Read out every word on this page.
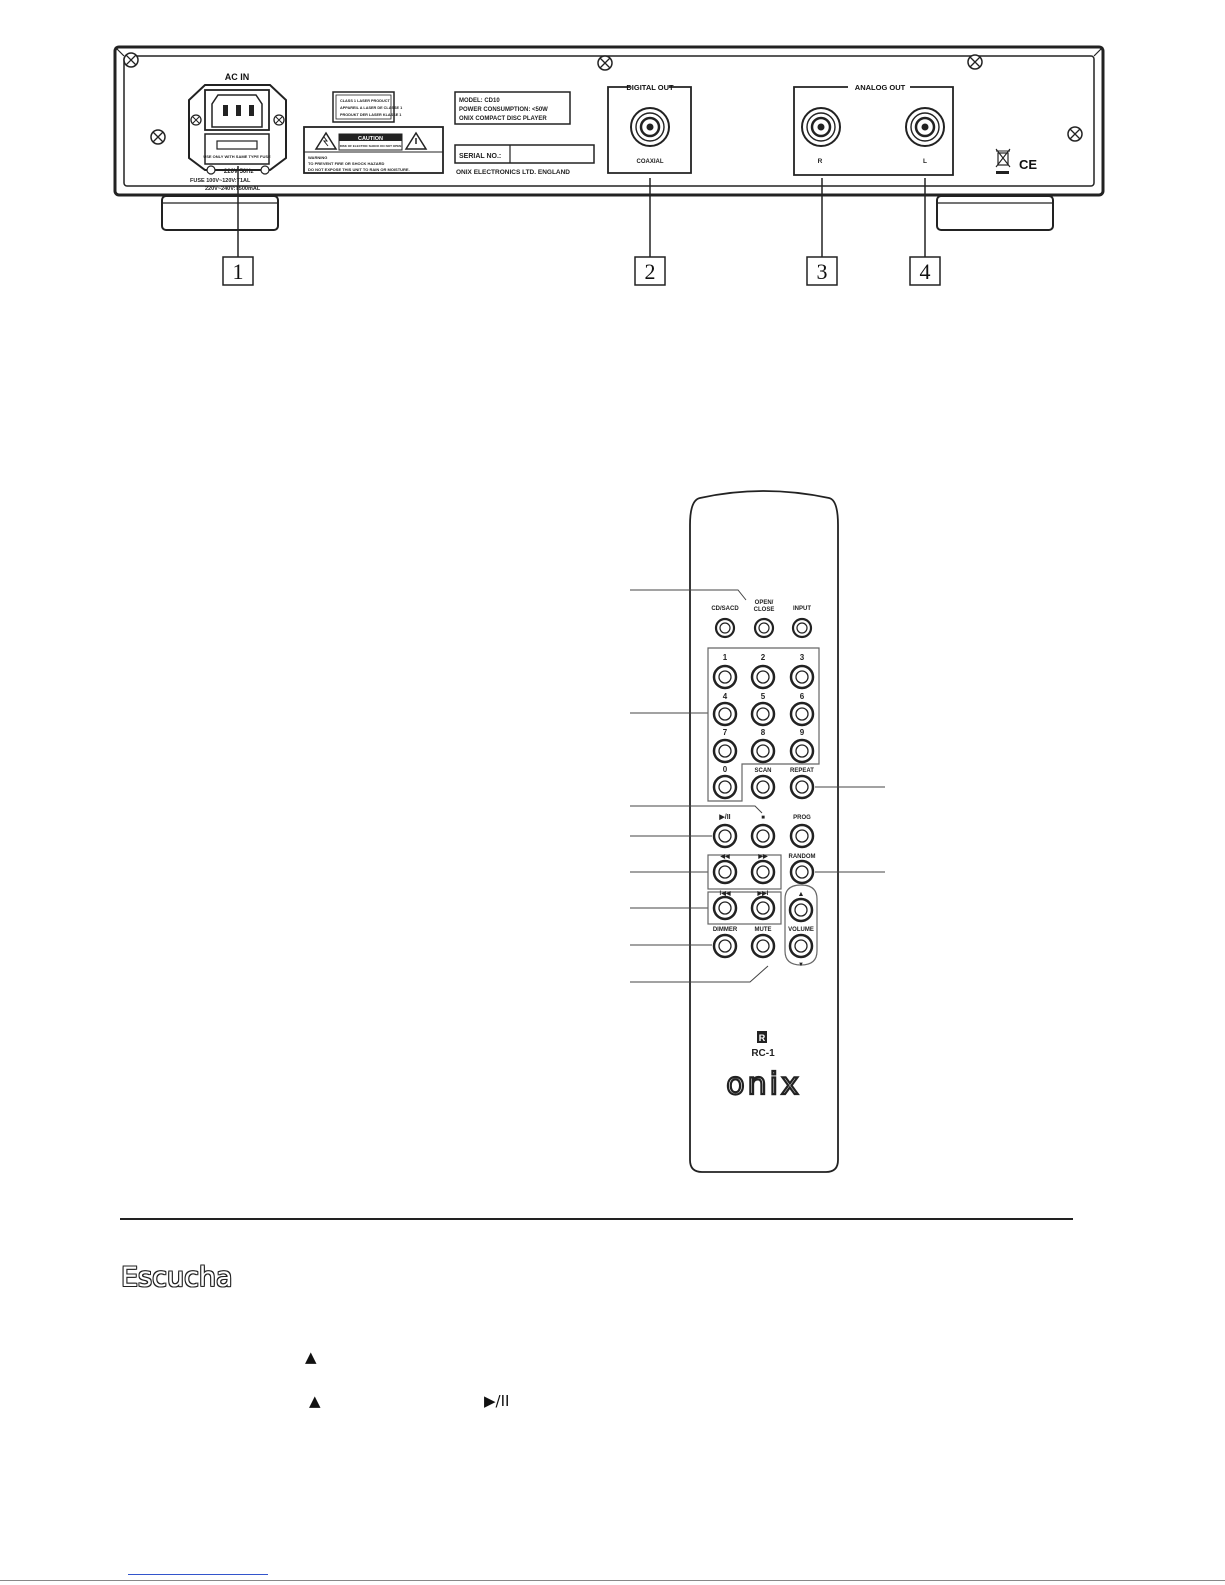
AC IN
USE ONLY WITH SAME TYPE FUSE
~220V 50Hz
FUSE 100V~120V:T1AL
220V~240V:T500mAL
CLASS 1 LASER PRODUCT
APPAREIL A LASER DE CLASSE 1
PRODUKT DER LASER KLASSE 1
CAUTION
RISK OF ELECTRIC SHOCK DO NOT OPEN
WARNING
TO PREVENT FIRE OR SHOCK HAZARD
DO NOT EXPOSE THIS UNIT TO RAIN OR MOISTURE.
MODEL: CD10
POWER CONSUMPTION: <50W
ONIX COMPACT DISC PLAYER
SERIAL NO.:
ONIX ELECTRONICS LTD. ENGLAND
DIGITAL OUT
COAXIAL
ANALOG OUT
R	L	CE
1	2	3	4
CD/SACD
OPEN/
CLOSE	INPUT
1	2	3
4	5	6
7	8	9
0	SCAN	REPEAT
▶/II	■	PROG
◀◀	▶▶	RANDOM
I◀◀	▶▶I	▲
DIMMER	MUTE	VOLUME
▼
R
RC-1
onix
Escucha
▲
▲	▶/II
